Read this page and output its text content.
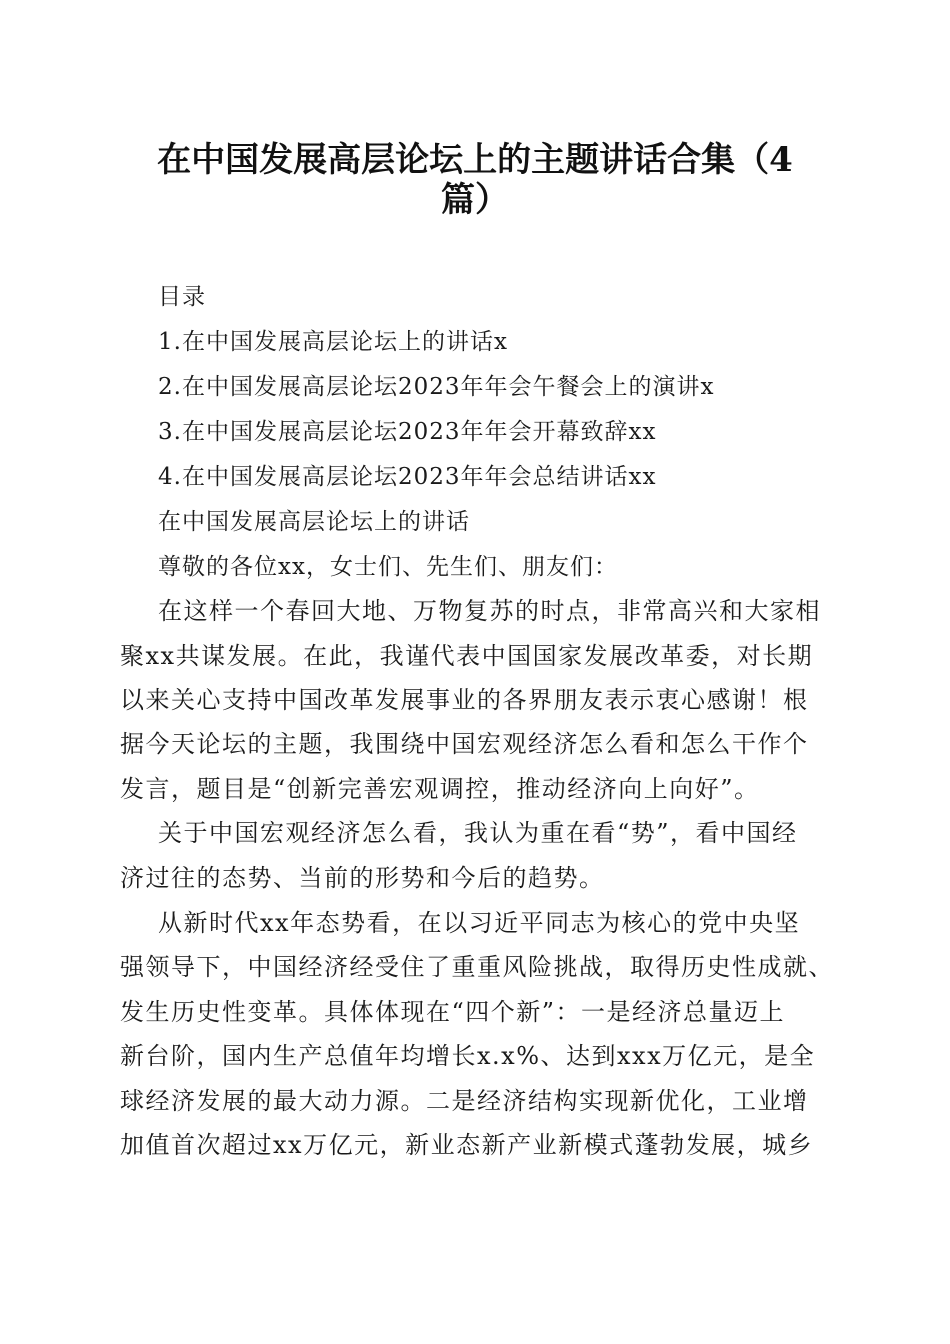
在中国发展高层论坛上的主题讲话合集（4
篇）
目录
1.在中国发展高层论坛上的讲话x
2.在中国发展高层论坛2023年年会午餐会上的演讲x
3.在中国发展高层论坛2023年年会开幕致辞xx
4.在中国发展高层论坛2023年年会总结讲话xx
在中国发展高层论坛上的讲话
尊敬的各位xx，女士们、先生们、朋友们：
在这样一个春回大地、万物复苏的时点，非常高兴和大家相
聚xx共谋发展。在此，我谨代表中国国家发展改革委，对长期
以来关心支持中国改革发展事业的各界朋友表示衷心感谢！根
据今天论坛的主题，我围绕中国宏观经济怎么看和怎么干作个
发言，题目是“创新完善宏观调控，推动经济向上向好”。
关于中国宏观经济怎么看，我认为重在看“势”，看中国经
济过往的态势、当前的形势和今后的趋势。
从新时代xx年态势看，在以习近平同志为核心的党中央坚
强领导下，中国经济经受住了重重风险挑战，取得历史性成就、
发生历史性变革。具体体现在“四个新”：一是经济总量迈上
新台阶，国内生产总值年均增长x.x%、达到xxx万亿元，是全
球经济发展的最大动力源。二是经济结构实现新优化，工业增
加值首次超过xx万亿元，新业态新产业新模式蓬勃发展，城乡
